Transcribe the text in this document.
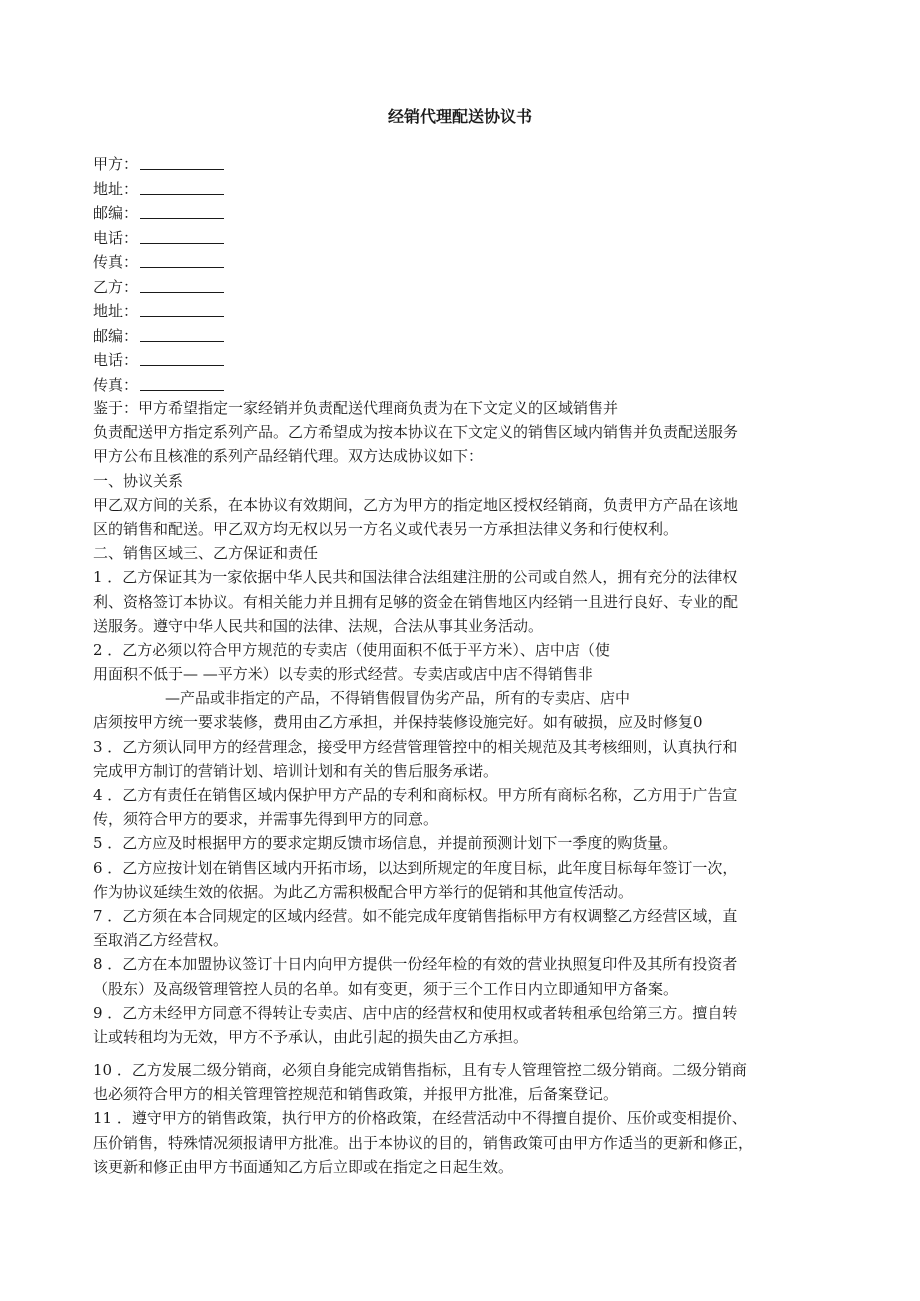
经销代理配送协议书
甲方：
地址：
邮编：
电话：
传真：
乙方：
地址：
邮编：
电话：
传真：
鉴于：甲方希望指定一家经销并负责配送代理商负责为在下文定义的区域销售并
负责配送甲方指定系列产品。乙方希望成为按本协议在下文定义的销售区域内销售并负责配送服务
甲方公布且核准的系列产品经销代理。双方达成协议如下：
一、协议关系
甲乙双方间的关系，在本协议有效期间，乙方为甲方的指定地区授权经销商，负责甲方产品在该地
区的销售和配送。甲乙双方均无权以另一方名义或代表另一方承担法律义务和行使权利。
二、销售区域三、乙方保证和责任
1 ．乙方保证其为一家依据中华人民共和国法律合法组建注册的公司或自然人，拥有充分的法律权
利、资格签订本协议。有相关能力并且拥有足够的资金在销售地区内经销一且进行良好、专业的配
送服务。遵守中华人民共和国的法律、法规，合法从事其业务活动。
2 ．乙方必须以符合甲方规范的专卖店（使用面积不低于平方米）、店中店（使
用面积不低于— —平方米）以专卖的形式经营。专卖店或店中店不得销售非
—产品或非指定的产品，不得销售假冒伪劣产品，所有的专卖店、店中
店须按甲方统一要求装修，费用由乙方承担，并保持装修设施完好。如有破损，应及时修复0
3 ．乙方须认同甲方的经营理念，接受甲方经营管理管控中的相关规范及其考核细则，认真执行和
完成甲方制订的营销计划、培训计划和有关的售后服务承诺。
4 ．乙方有责任在销售区域内保护甲方产品的专利和商标权。甲方所有商标名称，乙方用于广告宣
传，须符合甲方的要求，并需事先得到甲方的同意。
5 ．乙方应及时根据甲方的要求定期反馈市场信息，并提前预测计划下一季度的购货量。
6 ．乙方应按计划在销售区域内开拓市场，以达到所规定的年度目标，此年度目标每年签订一次，
作为协议延续生效的依据。为此乙方需积极配合甲方举行的促销和其他宣传活动。
7 ．乙方须在本合同规定的区域内经营。如不能完成年度销售指标甲方有权调整乙方经营区域，直
至取消乙方经营权。
8 ．乙方在本加盟协议签订十日内向甲方提供一份经年检的有效的营业执照复印件及其所有投资者
（股东）及高级管理管控人员的名单。如有变更，须于三个工作日内立即通知甲方备案。
9 ．乙方未经甲方同意不得转让专卖店、店中店的经营权和使用权或者转租承包给第三方。擅自转
让或转租均为无效，甲方不予承认，由此引起的损失由乙方承担。
10 ．乙方发展二级分销商，必须自身能完成销售指标，且有专人管理管控二级分销商。二级分销商
也必须符合甲方的相关管理管控规范和销售政策，并报甲方批准，后备案登记。
11 ．遵守甲方的销售政策，执行甲方的价格政策，在经营活动中不得擅自提价、压价或变相提价、
压价销售，特殊情况须报请甲方批准。出于本协议的目的，销售政策可由甲方作适当的更新和修正，
该更新和修正由甲方书面通知乙方后立即或在指定之日起生效。
